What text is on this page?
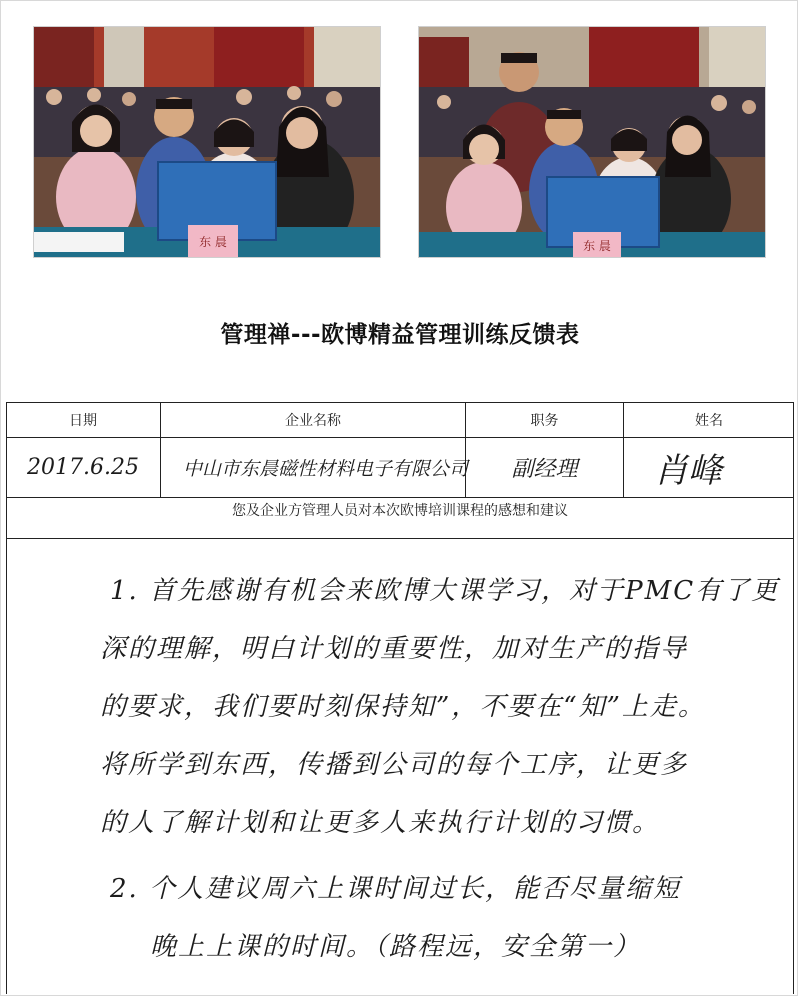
东 晨	东 晨
管理禅---欧博精益管理训练反馈表
日期	企业名称	职务	姓名
2017.6.25 中山市东晨磁性材料电子有限公司 副经理 肖峰
您及企业方管理人员对本次欧博培训课程的感想和建议
1. 首先感谢有机会来欧博大课学习，对于PMC有了更
深的理解，明白计划的重要性，加对生产的指导
的要求，我们要时刻保持知”，不要在“知”上走。
将所学到东西，传播到公司的每个工序，让更多
的人了解计划和让更多人来执行计划的习惯。
2. 个人建议周六上课时间过长，能否尽量缩短
晚上上课的时间。（路程远，安全第一）
